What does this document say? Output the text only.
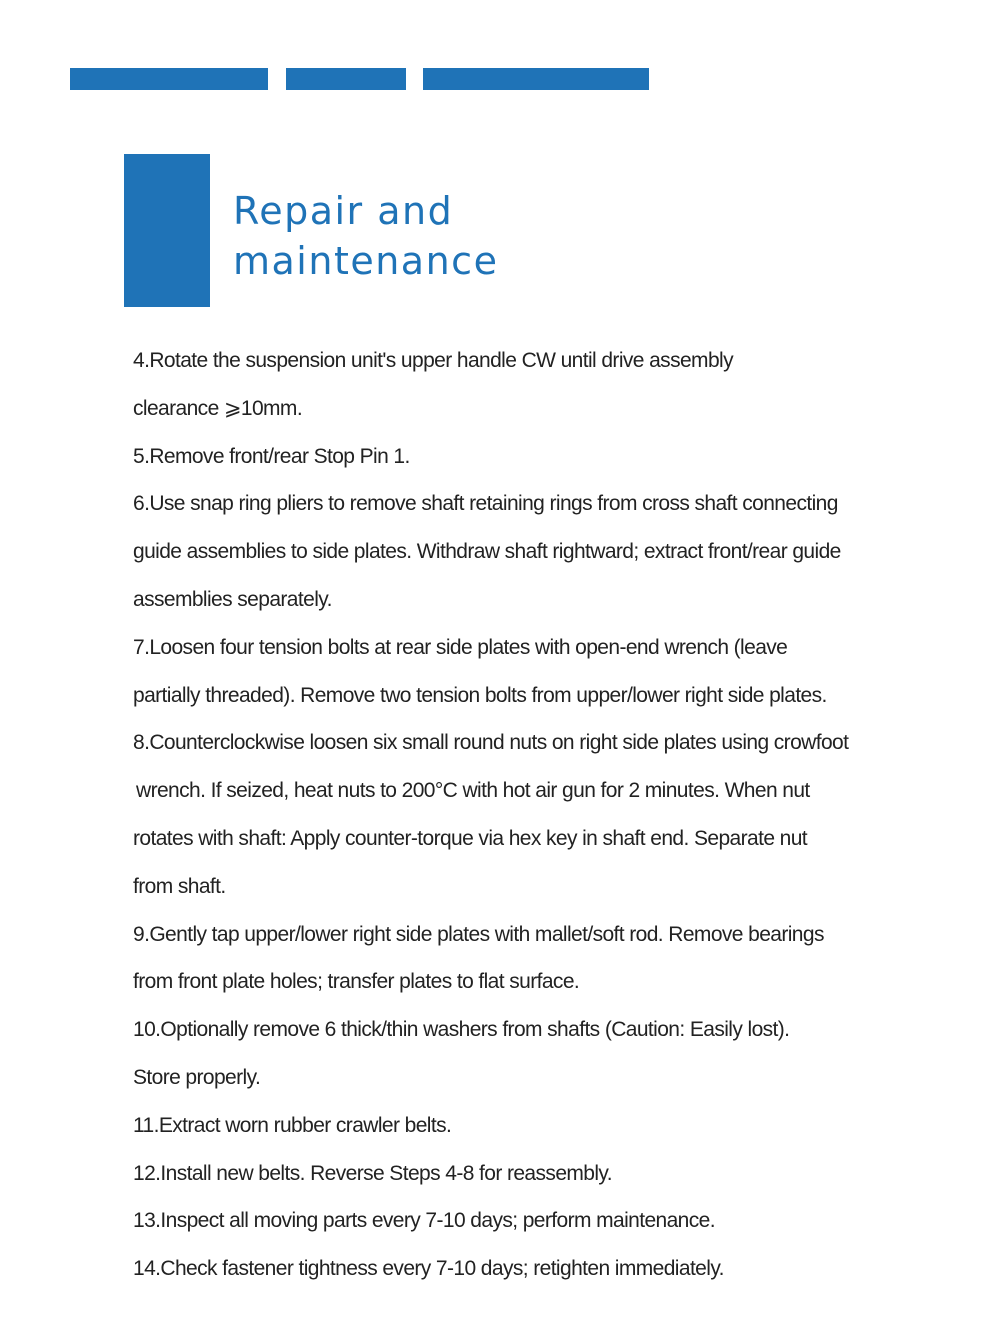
Repair and
maintenance
4.Rotate the suspension unit's upper handle CW until drive assembly
clearance ⩾10mm.
5.Remove front/rear Stop Pin 1.
6.Use snap ring pliers to remove shaft retaining rings from cross shaft connecting
guide assemblies to side plates. Withdraw shaft rightward; extract front/rear guide
assemblies separately.
7.Loosen four tension bolts at rear side plates with open-end wrench (leave
partially threaded). Remove two tension bolts from upper/lower right side plates.
8.Counterclockwise loosen six small round nuts on right side plates using crowfoot
wrench. If seized, heat nuts to 200°C with hot air gun for 2 minutes. When nut
rotates with shaft: Apply counter-torque via hex key in shaft end. Separate nut
from shaft.
9.Gently tap upper/lower right side plates with mallet/soft rod. Remove bearings
from front plate holes; transfer plates to flat surface.
10.Optionally remove 6 thick/thin washers from shafts (Caution: Easily lost).
Store properly.
11.Extract worn rubber crawler belts.
12.Install new belts. Reverse Steps 4-8 for reassembly.
13.Inspect all moving parts every 7-10 days; perform maintenance.
14.Check fastener tightness every 7-10 days; retighten immediately.
